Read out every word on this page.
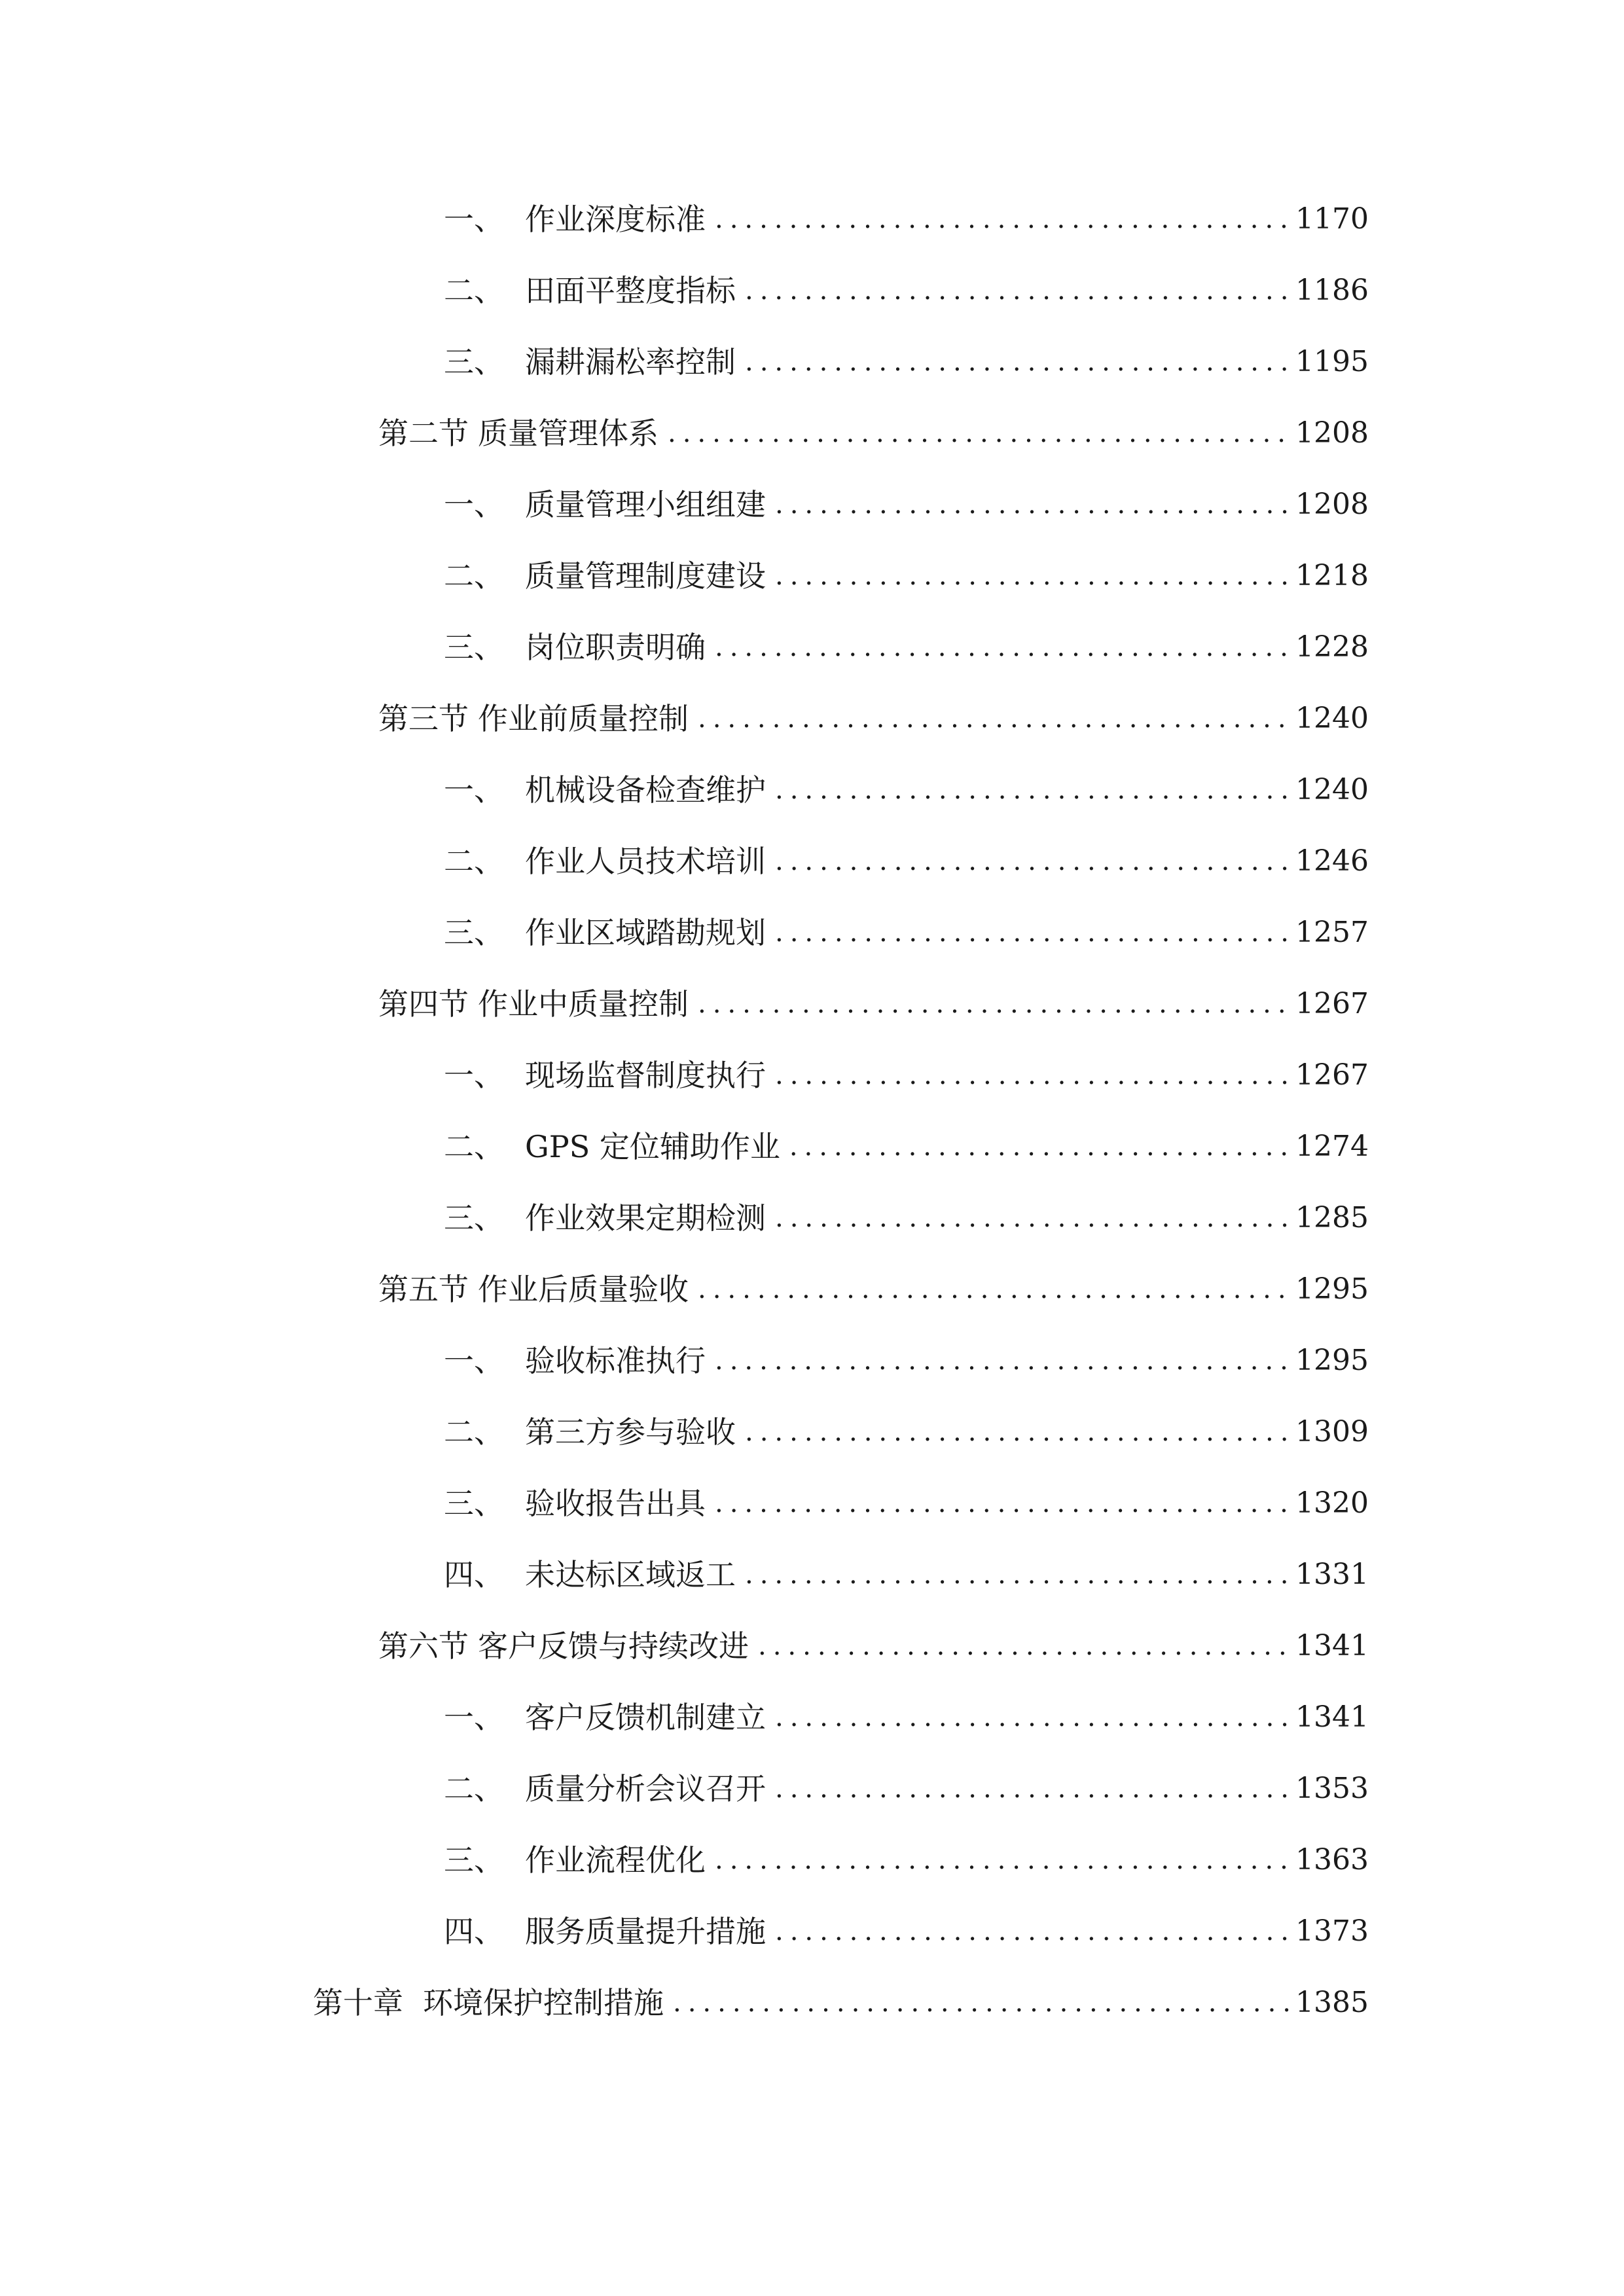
一、 作业深度标准 .....	1170
二、 田面平整度指标 .....	1186
三、 漏耕漏松率控制 .....	1195
第二节 质量管理体系 .....	1208
一、 质量管理小组组建 .....	1208
二、 质量管理制度建设 .....	1218
三、 岗位职责明确 .....	1228
第三节 作业前质量控制 .....	1240
一、 机械设备检查维护 .....	1240
二、 作业人员技术培训 .....	1246
三、 作业区域踏勘规划 .....	1257
第四节 作业中质量控制 .....	1267
一、 现场监督制度执行 .....	1267
二、 GPS 定位辅助作业 .....	1274
三、 作业效果定期检测 .....	1285
第五节 作业后质量验收 .....	1295
一、 验收标准执行 .....	1295
二、 第三方参与验收 .....	1309
三、 验收报告出具 .....	1320
四、 未达标区域返工 .....	1331
第六节 客户反馈与持续改进 .....	1341
一、 客户反馈机制建立 .....	1341
二、 质量分析会议召开 .....	1353
三、 作业流程优化 .....	1363
四、 服务质量提升措施 .....	1373
第十章 环境保护控制措施 .....	1385
